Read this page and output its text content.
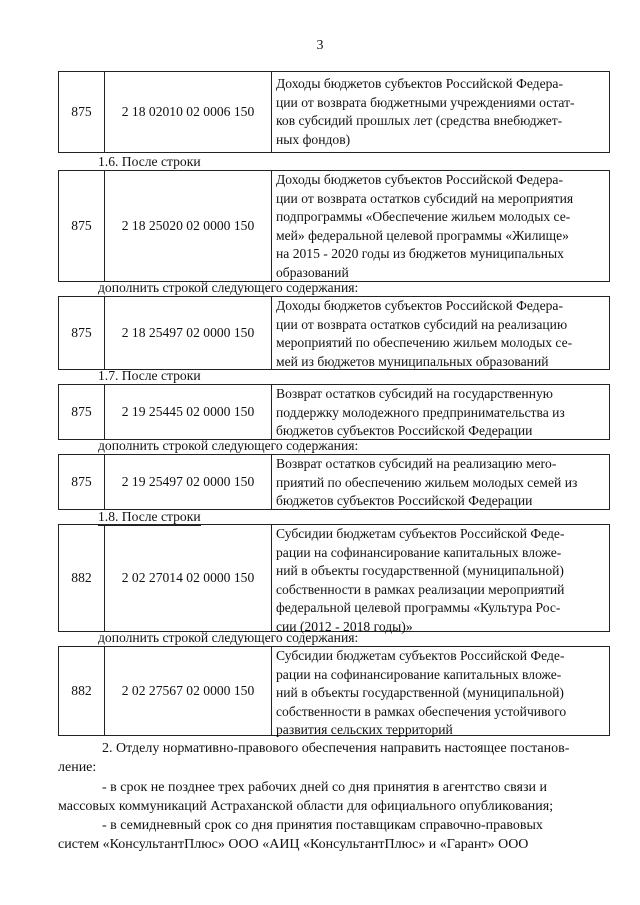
3
875	2 18 02010 02 0006 150
Доходы бюджетов субъектов Российской Федера-
ции от возврата бюджетными учреждениями остат-
ков субсидий прошлых лет (средства внебюджет-
ных фондов)
1.6. После строки
875	2 18 25020 02 0000 150
Доходы бюджетов субъектов Российской Федера-
ции от возврата остатков субсидий на мероприятия
подпрограммы «Обеспечение жильем молодых се-
мей» федеральной целевой программы «Жилище»
на 2015 - 2020 годы из бюджетов муниципальных
образований
дополнить строкой следующего содержания:
875	2 18 25497 02 0000 150
Доходы бюджетов субъектов Российской Федера-
ции от возврата остатков субсидий на реализацию
мероприятий по обеспечению жильем молодых се-
мей из бюджетов муниципальных образований
1.7. После строки
875	2 19 25445 02 0000 150
Возврат остатков субсидий на государственную
поддержку молодежного предпринимательства из
бюджетов субъектов Российской Федерации
дополнить строкой следующего содержания:
875	2 19 25497 02 0000 150
Возврат остатков субсидий на реализацию мero-
приятий по обеспечению жильем молодых семей из
бюджетов субъектов Российской Федерации
1.8. После строки
882	2 02 27014 02 0000 150
Субсидии бюджетам субъектов Российской Феде-
рации на софинансирование капитальных вложе-
ний в объекты государственной (муниципальной)
собственности в рамках реализации мероприятий
федеральной целевой программы «Культура Рос-
сии (2012 - 2018 годы)»
дополнить строкой следующего содержания:
882	2 02 27567 02 0000 150
Субсидии бюджетам субъектов Российской Феде-
рации на софинансирование капитальных вложе-
ний в объекты государственной (муниципальной)
собственности в рамках обеспечения устойчивого
развития сельских территорий
2. Отделу нормативно-правового обеспечения направить настоящее постанов-
ление:
- в срок не позднее трех рабочих дней со дня принятия в агентство связи и
массовых коммуникаций Астраханской области для официального опубликования;
- в семидневный срок со дня принятия поставщикам справочно-правовых
систем «КонсультантПлюс» ООО «АИЦ «КонсультантПлюс» и «Гарант» ООО
